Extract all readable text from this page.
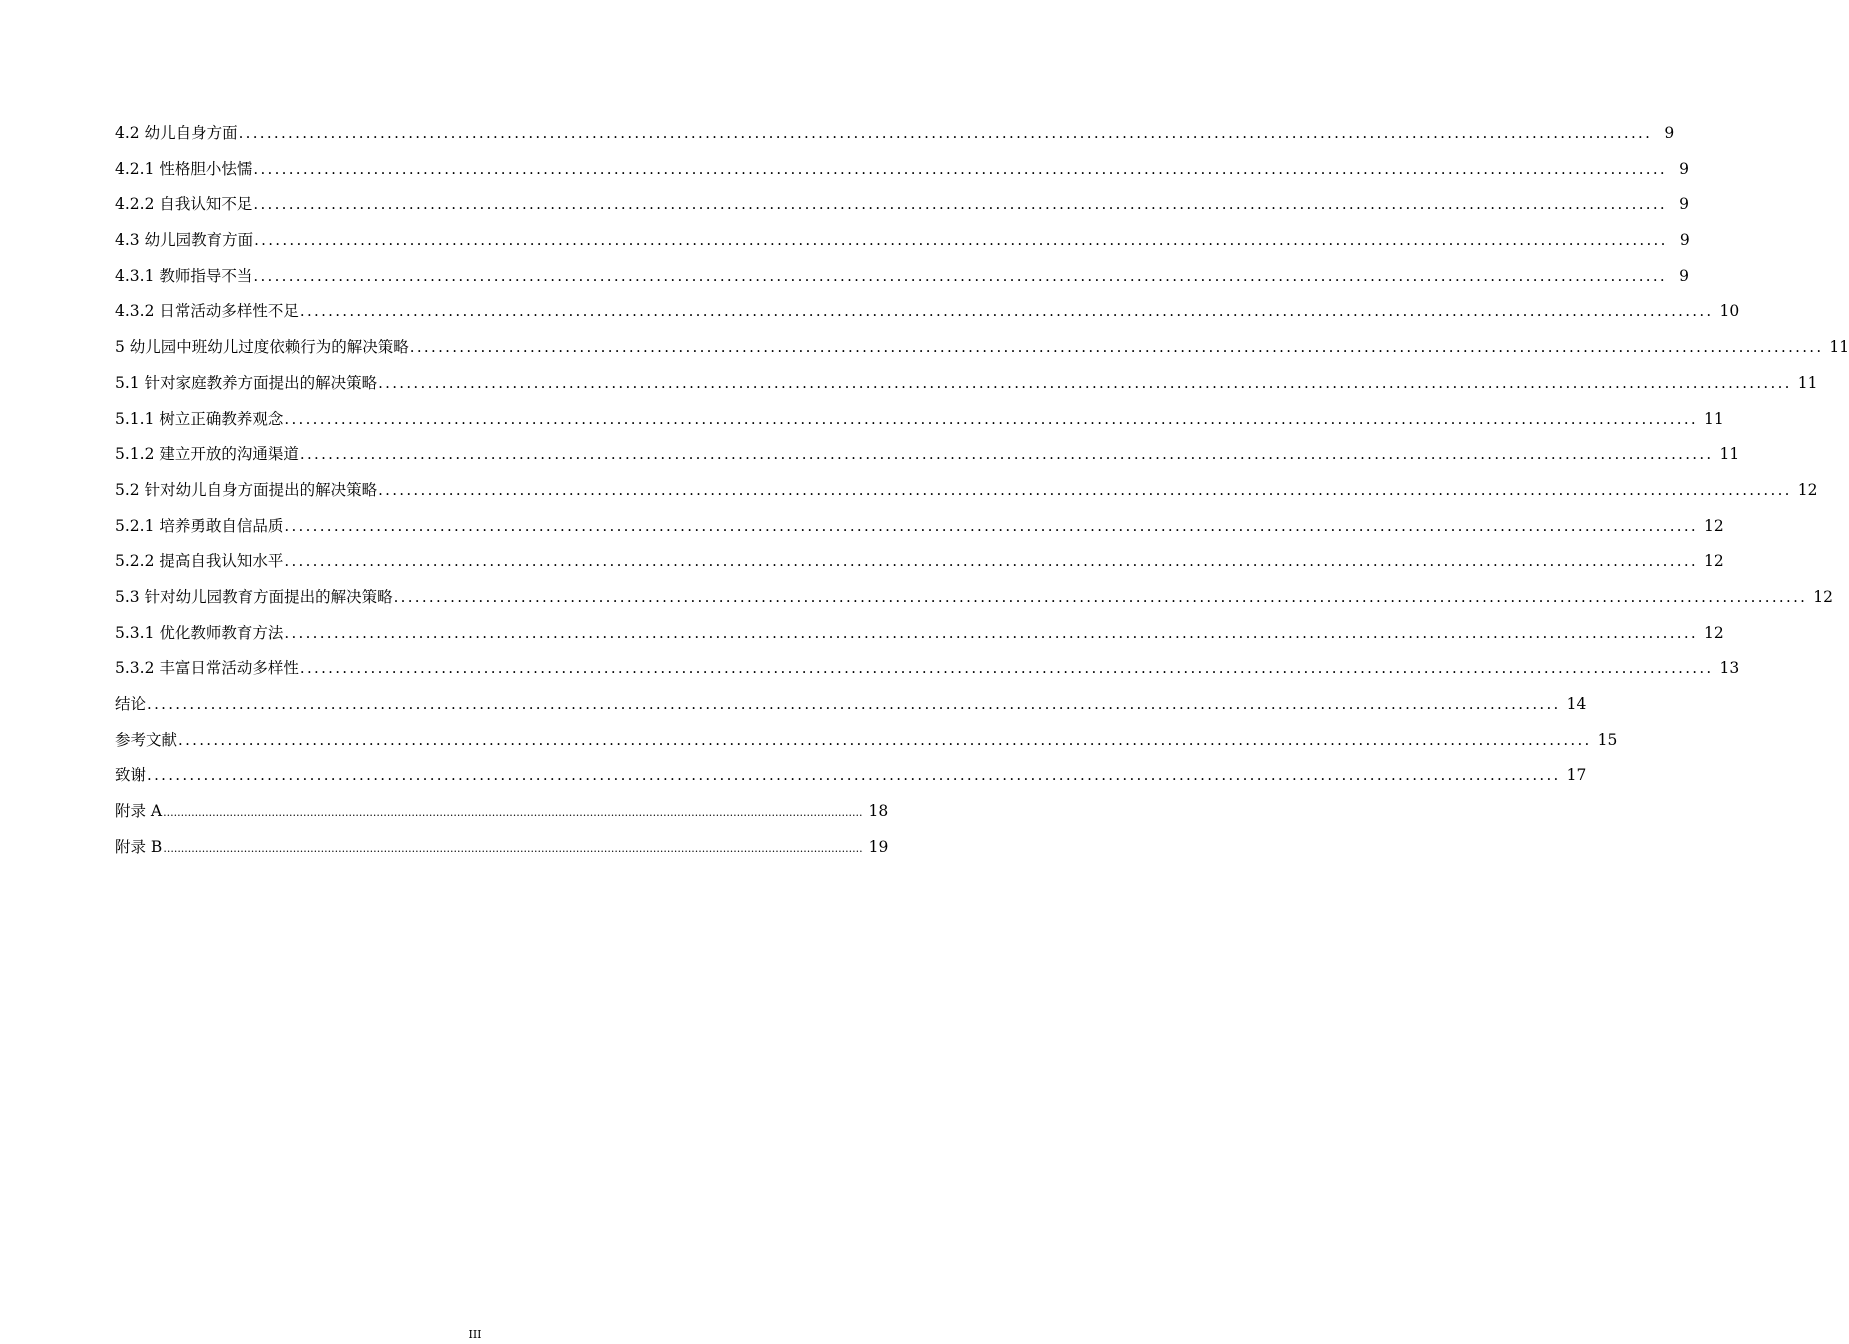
4.2 幼儿自身方面 ........................................................................................................................................................................................................ 9
4.2.1 性格胆小怯懦 ........................................................................................................................................................................................................ 9
4.2.2 自我认知不足 ........................................................................................................................................................................................................ 9
4.3 幼儿园教育方面 ........................................................................................................................................................................................................ 9
4.3.1 教师指导不当 ........................................................................................................................................................................................................ 9
4.3.2 日常活动多样性不足 ........................................................................................................................................................................................................ 10
5 幼儿园中班幼儿过度依赖行为的解决策略 ........................................................................................................................................................................................................ 11
5.1 针对家庭教养方面提出的解决策略 ........................................................................................................................................................................................................ 11
5.1.1 树立正确教养观念 ........................................................................................................................................................................................................ 11
5.1.2 建立开放的沟通渠道 ........................................................................................................................................................................................................ 11
5.2 针对幼儿自身方面提出的解决策略 ........................................................................................................................................................................................................ 12
5.2.1 培养勇敢自信品质 ........................................................................................................................................................................................................ 12
5.2.2 提高自我认知水平 ........................................................................................................................................................................................................ 12
5.3 针对幼儿园教育方面提出的解决策略 ........................................................................................................................................................................................................ 12
5.3.1 优化教师教育方法 ........................................................................................................................................................................................................ 12
5.3.2 丰富日常活动多样性 ........................................................................................................................................................................................................ 13
结论 ........................................................................................................................................................................................................ 14
参考文献 ........................................................................................................................................................................................................ 15
致谢 ........................................................................................................................................................................................................ 17
附录 A ........................................................................................................................................................................................................ 18
附录 B ........................................................................................................................................................................................................ 19
III
